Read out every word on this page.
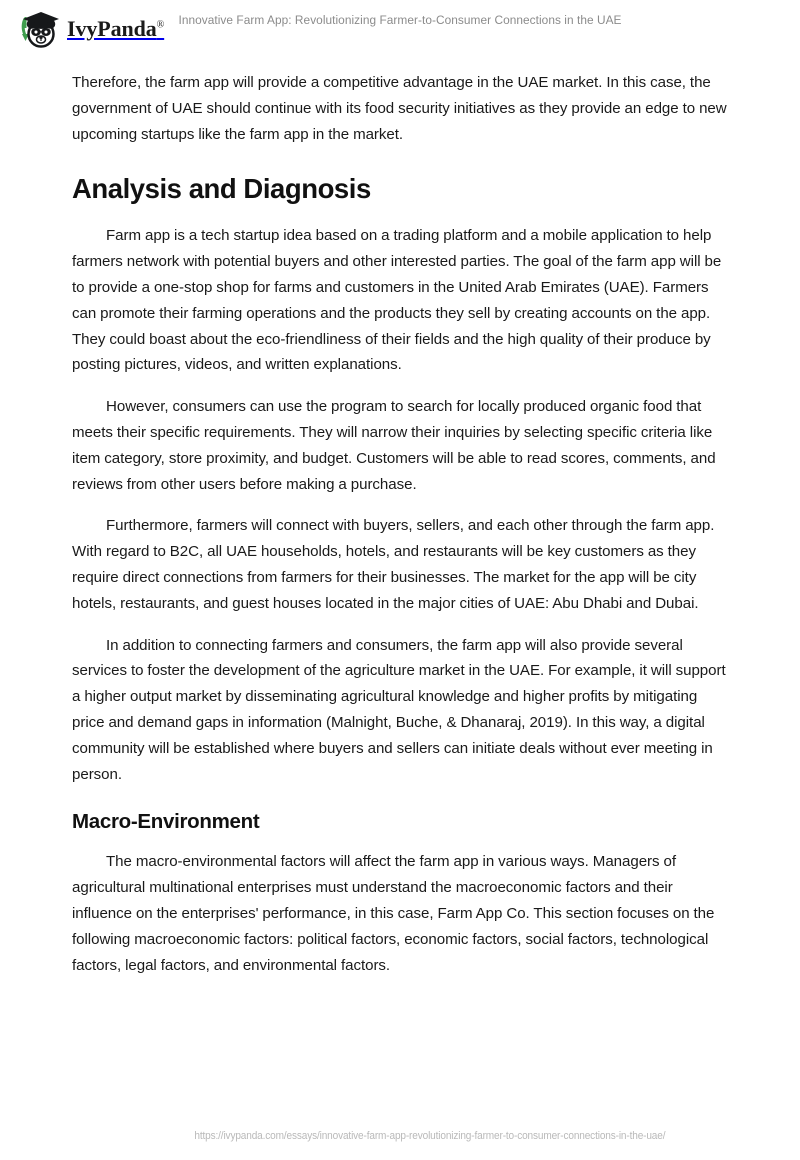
IvyPanda®	Innovative Farm App: Revolutionizing Farmer-to-Consumer Connections in the UAE

Therefore, the farm app will provide a competitive advantage in the UAE market. In this case, the government of UAE should continue with its food security initiatives as they provide an edge to new upcoming startups like the farm app in the market.

Analysis and Diagnosis

Farm app is a tech startup idea based on a trading platform and a mobile application to help farmers network with potential buyers and other interested parties. The goal of the farm app will be to provide a one-stop shop for farms and customers in the United Arab Emirates (UAE). Farmers can promote their farming operations and the products they sell by creating accounts on the app. They could boast about the eco-friendliness of their fields and the high quality of their produce by posting pictures, videos, and written explanations.

However, consumers can use the program to search for locally produced organic food that meets their specific requirements. They will narrow their inquiries by selecting specific criteria like item category, store proximity, and budget. Customers will be able to read scores, comments, and reviews from other users before making a purchase.

Furthermore, farmers will connect with buyers, sellers, and each other through the farm app. With regard to B2C, all UAE households, hotels, and restaurants will be key customers as they require direct connections from farmers for their businesses. The market for the app will be city hotels, restaurants, and guest houses located in the major cities of UAE: Abu Dhabi and Dubai.

In addition to connecting farmers and consumers, the farm app will also provide several services to foster the development of the agriculture market in the UAE. For example, it will support a higher output market by disseminating agricultural knowledge and higher profits by mitigating price and demand gaps in information (Malnight, Buche, & Dhanaraj, 2019). In this way, a digital community will be established where buyers and sellers can initiate deals without ever meeting in person.

Macro-Environment

The macro-environmental factors will affect the farm app in various ways. Managers of agricultural multinational enterprises must understand the macroeconomic factors and their influence on the enterprises' performance, in this case, Farm App Co. This section focuses on the following macroeconomic factors: political factors, economic factors, social factors, technological factors, legal factors, and environmental factors.

https://ivypanda.com/essays/innovative-farm-app-revolutionizing-farmer-to-consumer-connections-in-the-uae/
